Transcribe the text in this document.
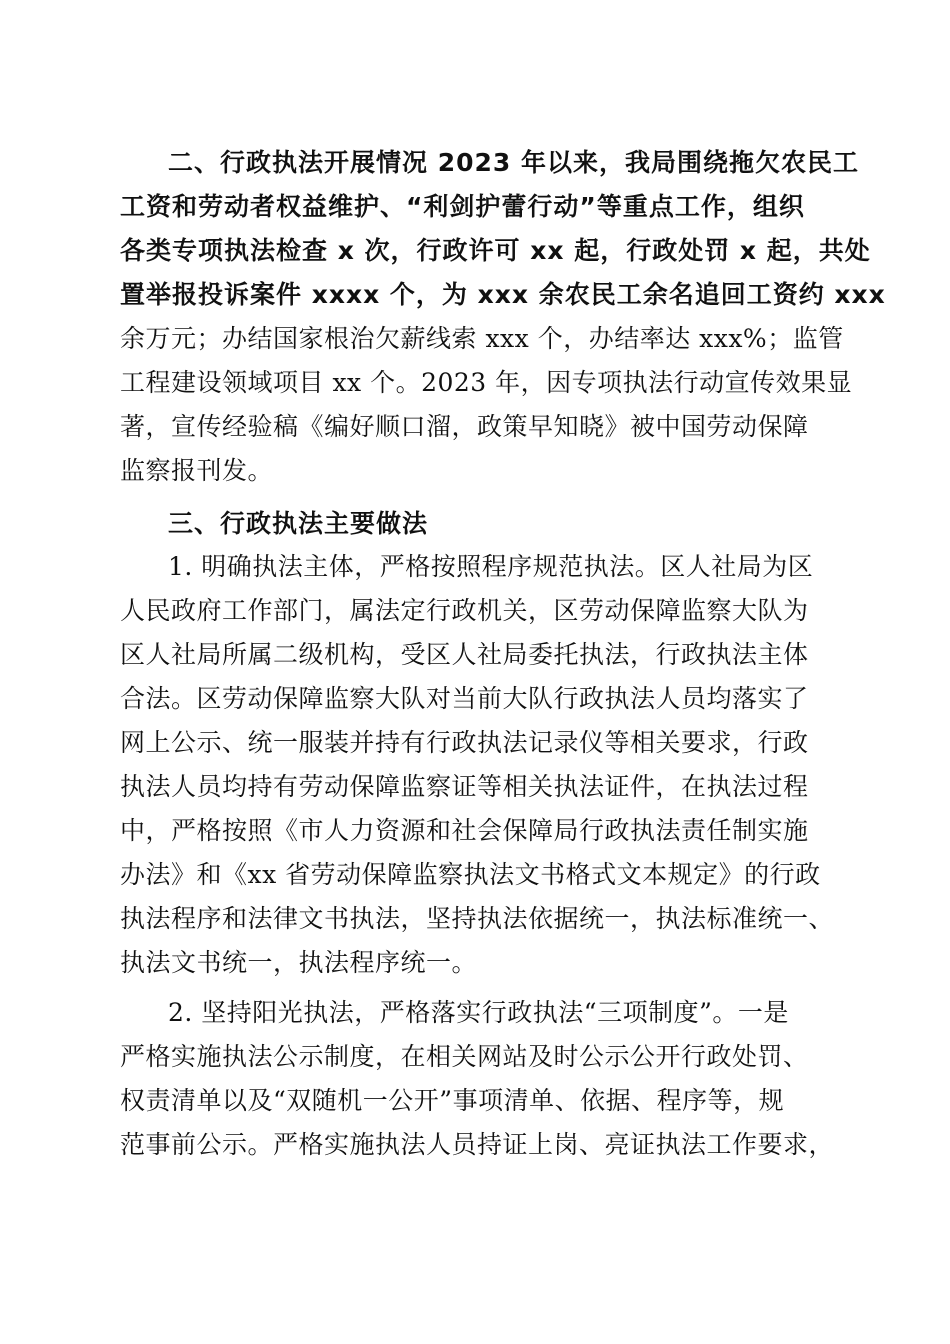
二、行政执法开展情况 2023 年以来，我局围绕拖欠农民工
工资和劳动者权益维护、“利剑护蕾行动”等重点工作，组织
各类专项执法检查 x 次，行政许可 xx 起，行政处罚 x 起，共处
置举报投诉案件 xxxx 个，为 xxx 余农民工余名追回工资约 xxx
余万元；办结国家根治欠薪线索 xxx 个，办结率达 xxx%；监管
工程建设领域项目 xx 个。2023 年，因专项执法行动宣传效果显
著，宣传经验稿《编好顺口溜，政策早知晓》被中国劳动保障
监察报刊发。
三、行政执法主要做法
1. 明确执法主体，严格按照程序规范执法。区人社局为区
人民政府工作部门，属法定行政机关，区劳动保障监察大队为
区人社局所属二级机构，受区人社局委托执法，行政执法主体
合法。区劳动保障监察大队对当前大队行政执法人员均落实了
网上公示、统一服装并持有行政执法记录仪等相关要求，行政
执法人员均持有劳动保障监察证等相关执法证件，在执法过程
中，严格按照《市人力资源和社会保障局行政执法责任制实施
办法》和《xx 省劳动保障监察执法文书格式文本规定》的行政
执法程序和法律文书执法，坚持执法依据统一，执法标准统一、
执法文书统一，执法程序统一。
2. 坚持阳光执法，严格落实行政执法“三项制度”。一是
严格实施执法公示制度，在相关网站及时公示公开行政处罚、
权责清单以及“双随机一公开”事项清单、依据、程序等，规
范事前公示。严格实施执法人员持证上岗、亮证执法工作要求，
